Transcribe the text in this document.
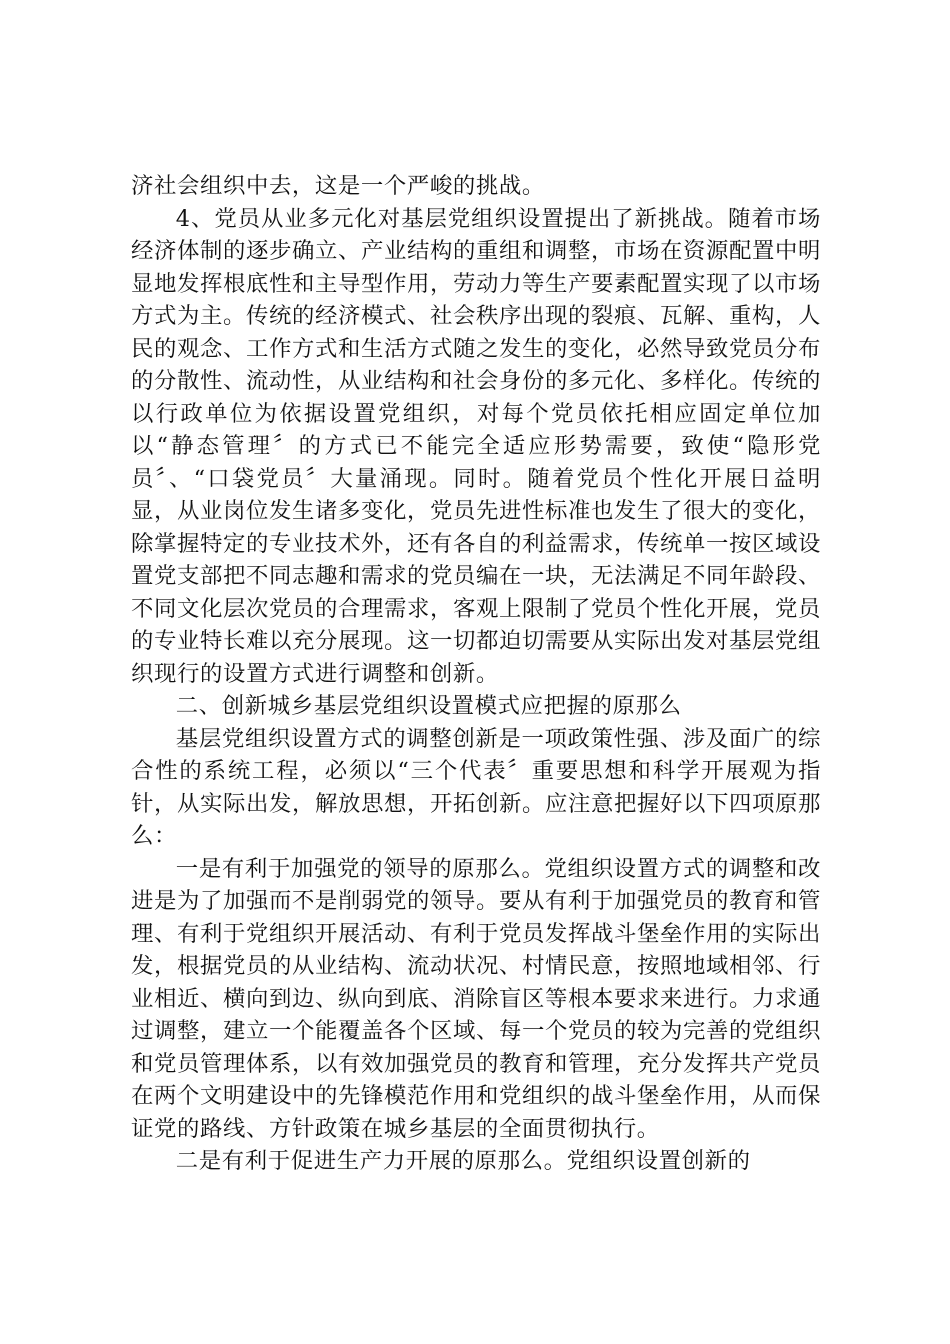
济社会组织中去，这是一个严峻的挑战。

4、党员从业多元化对基层党组织设置提出了新挑战。随着市场经济体制的逐步确立、产业结构的重组和调整，市场在资源配置中明显地发挥根底性和主导型作用，劳动力等生产要素配置实现了以市场方式为主。传统的经济模式、社会秩序出现的裂痕、瓦解、重构，人民的观念、工作方式和生活方式随之发生的变化，必然导致党员分布的分散性、流动性，从业结构和社会身份的多元化、多样化。传统的以行政单位为依据设置党组织，对每个党员依托相应固定单位加以“静态管理〞的方式已不能完全适应形势需要，致使“隐形党员〞、“口袋党员〞大量涌现。同时。随着党员个性化开展日益明显，从业岗位发生诸多变化，党员先进性标准也发生了很大的变化，除掌握特定的专业技术外，还有各自的利益需求，传统单一按区域设置党支部把不同志趣和需求的党员编在一块，无法满足不同年龄段、不同文化层次党员的合理需求，客观上限制了党员个性化开展，党员的专业特长难以充分展现。这一切都迫切需要从实际出发对基层党组织现行的设置方式进行调整和创新。

二、创新城乡基层党组织设置模式应把握的原那么

基层党组织设置方式的调整创新是一项政策性强、涉及面广的综合性的系统工程，必须以“三个代表〞重要思想和科学开展观为指针，从实际出发，解放思想，开拓创新。应注意把握好以下四项原那么：

一是有利于加强党的领导的原那么。党组织设置方式的调整和改进是为了加强而不是削弱党的领导。要从有利于加强党员的教育和管理、有利于党组织开展活动、有利于党员发挥战斗堡垒作用的实际出发，根据党员的从业结构、流动状况、村情民意，按照地域相邻、行业相近、横向到边、纵向到底、消除盲区等根本要求来进行。力求通过调整，建立一个能覆盖各个区域、每一个党员的较为完善的党组织和党员管理体系，以有效加强党员的教育和管理，充分发挥共产党员在两个文明建设中的先锋模范作用和党组织的战斗堡垒作用，从而保证党的路线、方针政策在城乡基层的全面贯彻执行。

二是有利于促进生产力开展的原那么。党组织设置创新的
